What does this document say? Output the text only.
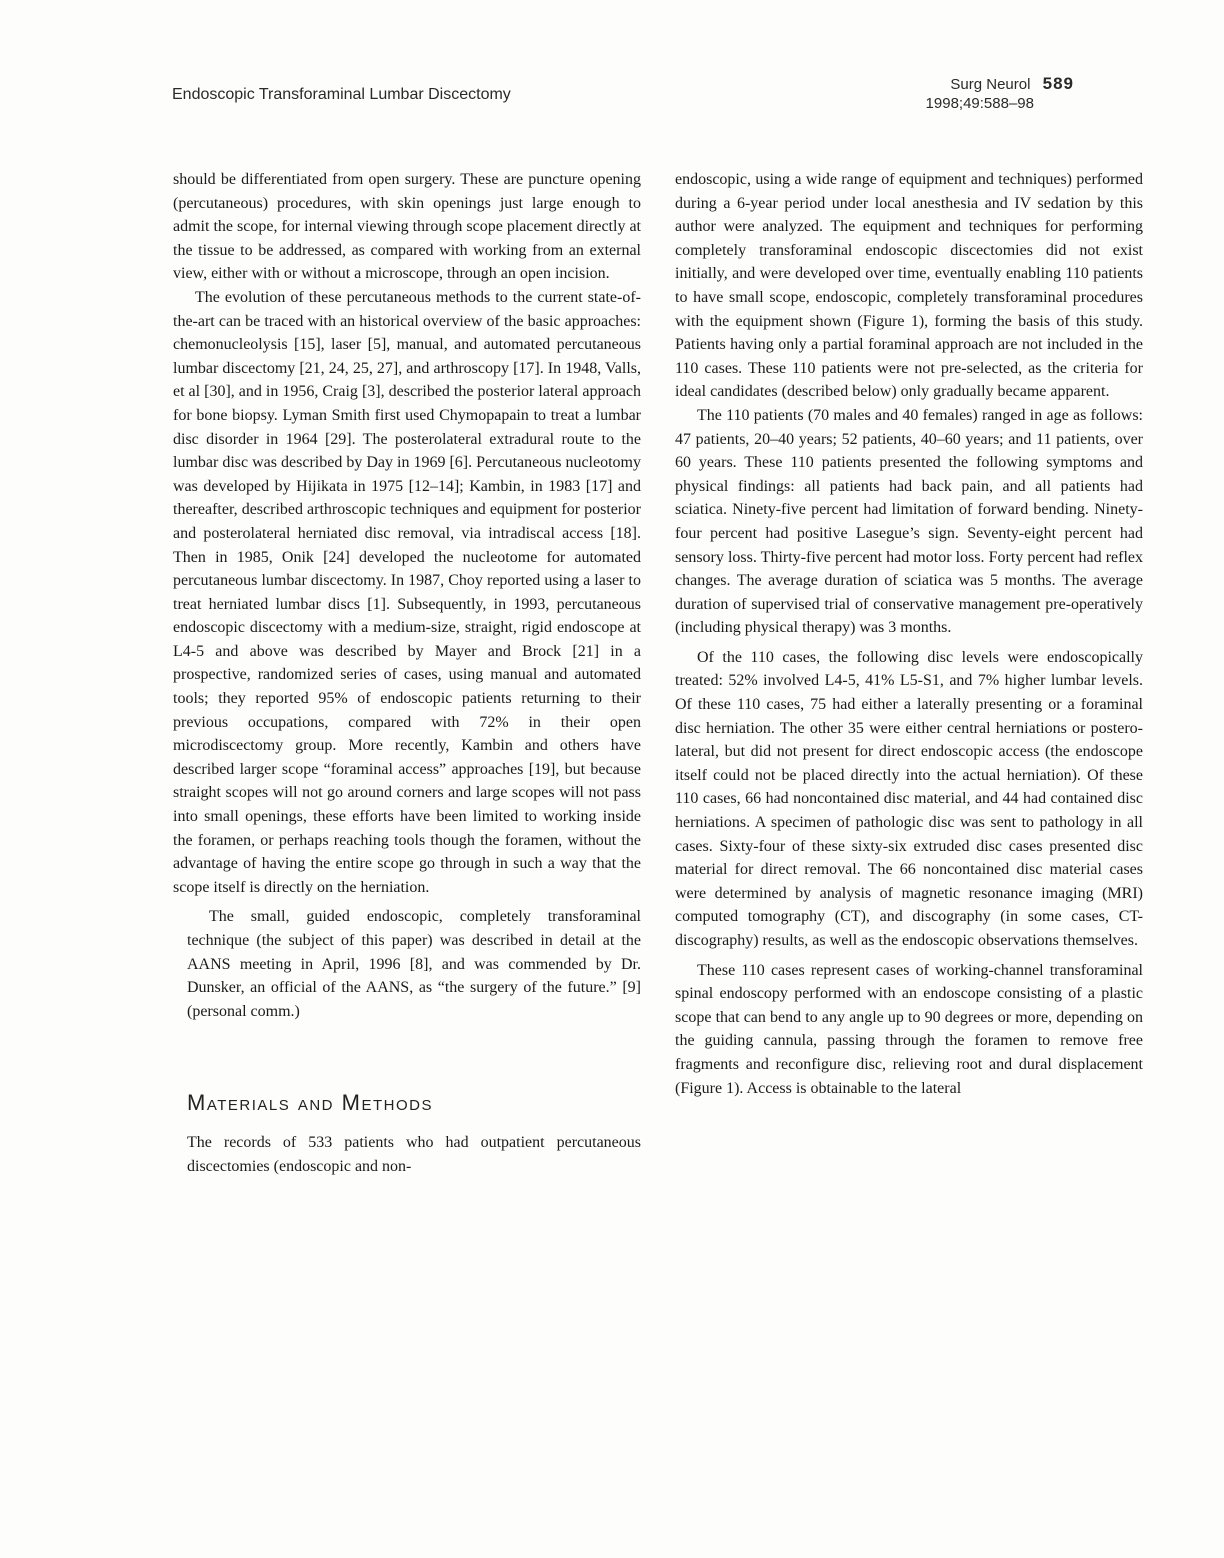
Endoscopic Transforaminal Lumbar Discectomy
Surg Neurol 589
1998;49:588–98

should be differentiated from open surgery. These are puncture opening (percutaneous) procedures, with skin openings just large enough to admit the scope, for internal viewing through scope placement directly at the tissue to be addressed, as compared with working from an external view, either with or without a microscope, through an open incision.

The evolution of these percutaneous methods to the current state-of-the-art can be traced with an historical overview of the basic approaches: chemonucleolysis [15], laser [5], manual, and automated percutaneous lumbar discectomy [21, 24, 25, 27], and arthroscopy [17]. In 1948, Valls, et al [30], and in 1956, Craig [3], described the posterior lateral approach for bone biopsy. Lyman Smith first used Chymopapain to treat a lumbar disc disorder in 1964 [29]. The posterolateral extradural route to the lumbar disc was described by Day in 1969 [6]. Percutaneous nucleotomy was developed by Hijikata in 1975 [12–14]; Kambin, in 1983 [17] and thereafter, described arthroscopic techniques and equipment for posterior and posterolateral herniated disc removal, via intradiscal access [18]. Then in 1985, Onik [24] developed the nucleotome for automated percutaneous lumbar discectomy. In 1987, Choy reported using a laser to treat herniated lumbar discs [1]. Subsequently, in 1993, percutaneous endoscopic discectomy with a medium-size, straight, rigid endoscope at L4-5 and above was described by Mayer and Brock [21] in a prospective, randomized series of cases, using manual and automated tools; they reported 95% of endoscopic patients returning to their previous occupations, compared with 72% in their open microdiscectomy group. More recently, Kambin and others have described larger scope “foraminal access” approaches [19], but because straight scopes will not go around corners and large scopes will not pass into small openings, these efforts have been limited to working inside the foramen, or perhaps reaching tools though the foramen, without the advantage of having the entire scope go through in such a way that the scope itself is directly on the herniation.

The small, guided endoscopic, completely transforaminal technique (the subject of this paper) was described in detail at the AANS meeting in April, 1996 [8], and was commended by Dr. Dunsker, an official of the AANS, as “the surgery of the future.” [9] (personal comm.)

Materials and Methods

The records of 533 patients who had outpatient percutaneous discectomies (endoscopic and non-

endoscopic, using a wide range of equipment and techniques) performed during a 6-year period under local anesthesia and IV sedation by this author were analyzed. The equipment and techniques for performing completely transforaminal endoscopic discectomies did not exist initially, and were developed over time, eventually enabling 110 patients to have small scope, endoscopic, completely transforaminal procedures with the equipment shown (Figure 1), forming the basis of this study. Patients having only a partial foraminal approach are not included in the 110 cases. These 110 patients were not pre-selected, as the criteria for ideal candidates (described below) only gradually became apparent.

The 110 patients (70 males and 40 females) ranged in age as follows: 47 patients, 20–40 years; 52 patients, 40–60 years; and 11 patients, over 60 years. These 110 patients presented the following symptoms and physical findings: all patients had back pain, and all patients had sciatica. Ninety-five percent had limitation of forward bending. Ninety-four percent had positive Lasegue’s sign. Seventy-eight percent had sensory loss. Thirty-five percent had motor loss. Forty percent had reflex changes. The average duration of sciatica was 5 months. The average duration of supervised trial of conservative management pre-operatively (including physical therapy) was 3 months.

Of the 110 cases, the following disc levels were endoscopically treated: 52% involved L4-5, 41% L5-S1, and 7% higher lumbar levels. Of these 110 cases, 75 had either a laterally presenting or a foraminal disc herniation. The other 35 were either central herniations or postero-lateral, but did not present for direct endoscopic access (the endoscope itself could not be placed directly into the actual herniation). Of these 110 cases, 66 had noncontained disc material, and 44 had contained disc herniations. A specimen of pathologic disc was sent to pathology in all cases. Sixty-four of these sixty-six extruded disc cases presented disc material for direct removal. The 66 noncontained disc material cases were determined by analysis of magnetic resonance imaging (MRI) computed tomography (CT), and discography (in some cases, CT-discography) results, as well as the endoscopic observations themselves.

These 110 cases represent cases of working-channel transforaminal spinal endoscopy performed with an endoscope consisting of a plastic scope that can bend to any angle up to 90 degrees or more, depending on the guiding cannula, passing through the foramen to remove free fragments and reconfigure disc, relieving root and dural displacement (Figure 1). Access is obtainable to the lateral
